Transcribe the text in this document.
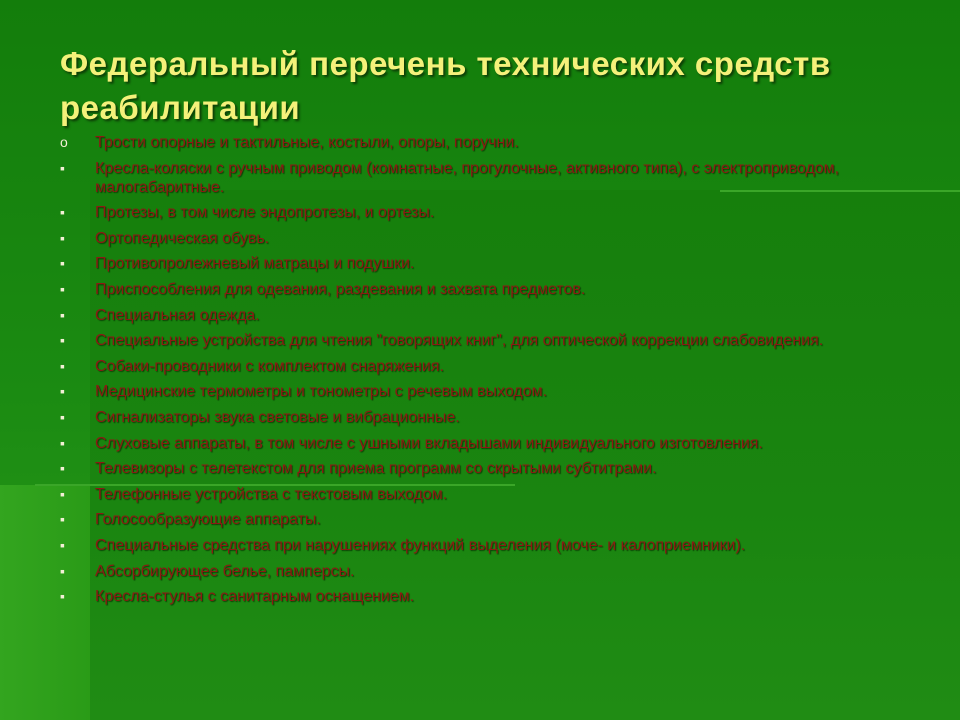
Федеральный перечень технических средств реабилитации
o	Трости опорные и тактильные, костыли, опоры, поручни.
▪	Кресла-коляски с ручным приводом (комнатные, прогулочные, активного типа), с электроприводом, малогабаритные.
▪	Протезы, в том числе эндопротезы, и ортезы.
▪	Ортопедическая обувь.
▪	Противопролежневый матрацы и подушки.
▪	Приспособления для одевания, раздевания и захвата предметов.
▪	Специальная одежда.
▪	Специальные устройства для чтения "говорящих книг", для оптической коррекции слабовидения.
▪	Собаки-проводники с комплектом снаряжения.
▪	Медицинские термометры и тонометры с речевым выходом.
▪	Сигнализаторы звука световые и вибрационные.
▪	Слуховые аппараты, в том числе с ушными вкладышами индивидуального изготовления.
▪	Телевизоры с телетекстом для приема программ со скрытыми субтитрами.
▪	Телефонные устройства с текстовым выходом.
▪	Голосообразующие аппараты.
▪	Специальные средства при нарушениях функций выделения (моче- и калоприемники).
▪	Абсорбирующее белье, памперсы.
▪	Кресла-стулья с санитарным оснащением.
